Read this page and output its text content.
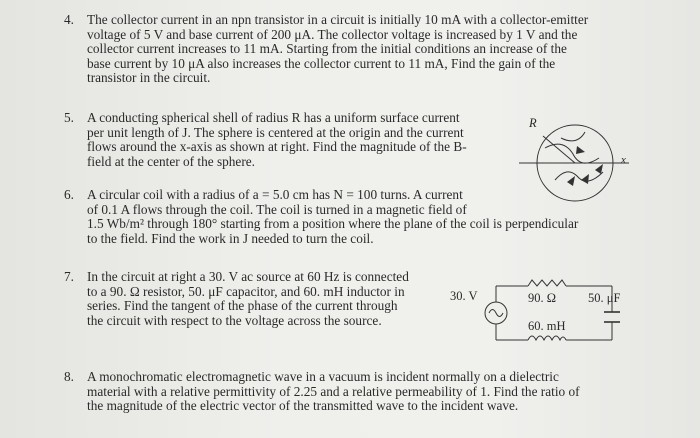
4. The collector current in an npn transistor in a circuit is initially 10 mA with a collector-emitter
voltage of 5 V and base current of 200 μA. The collector voltage is increased by 1 V and the
collector current increases to 11 mA. Starting from the initial conditions an increase of the
base current by 10 μA also increases the collector current to 11 mA, Find the gain of the
transistor in the circuit.
5. A conducting spherical shell of radius R has a uniform surface current
per unit length of J. The sphere is centered at the origin and the current
flows around the x-axis as shown at right. Find the magnitude of the B-
field at the center of the sphere.
R
x
6. A circular coil with a radius of a = 5.0 cm has N = 100 turns. A current
of 0.1 A flows through the coil. The coil is turned in a magnetic field of
1.5 Wb/m² through 180° starting from a position where the plane of the coil is perpendicular
to the field. Find the work in J needed to turn the coil.
7. In the circuit at right a 30. V ac source at 60 Hz is connected
to a 90. Ω resistor, 50. μF capacitor, and 60. mH inductor in
series. Find the tangent of the phase of the current through
the circuit with respect to the voltage across the source.
30. V	90. Ω	50. μF
60. mH
8. A monochromatic electromagnetic wave in a vacuum is incident normally on a dielectric
material with a relative permittivity of 2.25 and a relative permeability of 1. Find the ratio of
the magnitude of the electric vector of the transmitted wave to the incident wave.
